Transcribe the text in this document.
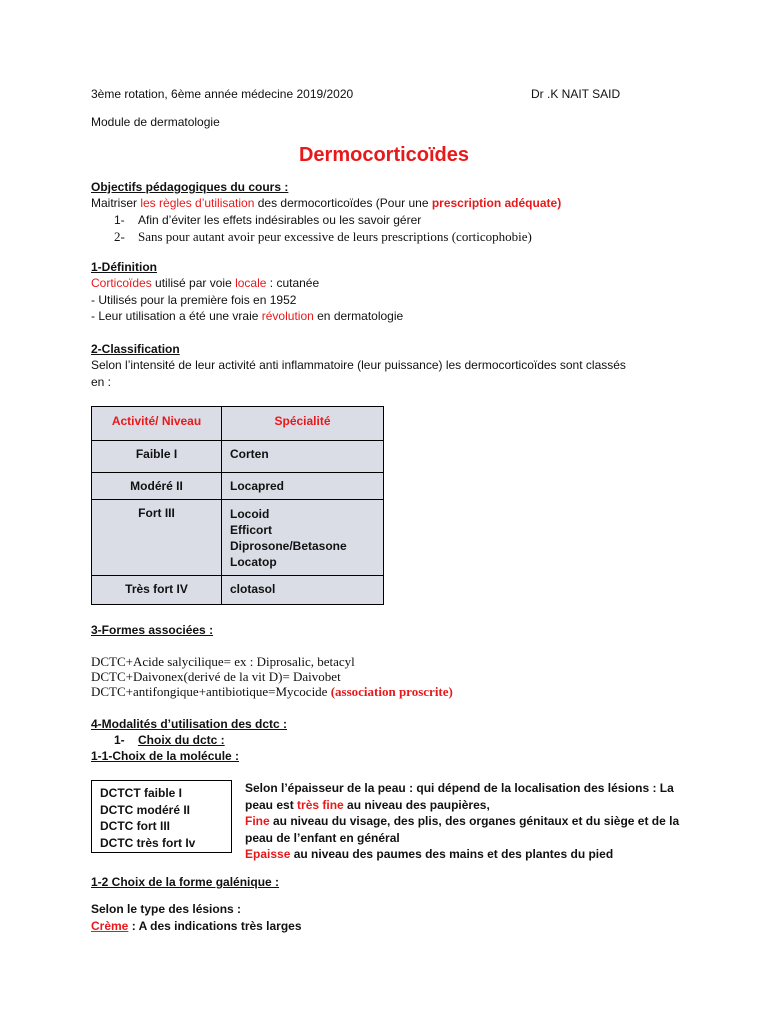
3ème rotation, 6ème année médecine 2019/2020	Dr .K NAIT SAID
Module de dermatologie
Dermocorticoïdes
Objectifs pédagogiques du cours :
Maitriser les règles d’utilisation des dermocorticoïdes (Pour une prescription adéquate)
1- Afin d’éviter les effets indésirables ou les savoir gérer
2- Sans pour autant avoir peur excessive de leurs prescriptions (corticophobie)
1-Définition
Corticoïdes utilisé par voie locale : cutanée
- Utilisés pour la première fois en 1952
- Leur utilisation a été une vraie révolution en dermatologie
2-Classification
Selon l’intensité de leur activité anti inflammatoire (leur puissance) les dermocorticoïdes sont classés
en :
Activité/ Niveau	Spécialité
Faible I	Corten

Modéré II	Locapred

Fort III	Locoid
Efficort
Diprosone/Betasone
Locatop

Très fort IV	clotasol
3-Formes associées :
DCTC+Acide salycilique= ex : Diprosalic, betacyl
DCTC+Daivonex(derivé de la vit D)= Daivobet
DCTC+antifongique+antibiotique=Mycocide (association proscrite)
4-Modalités d’utilisation des dctc :
1- Choix du dctc :
1-1-Choix de la molécule :
DCTCT faible I
DCTC modéré II
DCTC fort III
DCTC très fort Iv
Selon l’épaisseur de la peau : qui dépend de la localisation des lésions : La
peau est très fine au niveau des paupières,
Fine au niveau du visage, des plis, des organes génitaux et du siège et de la
peau de l’enfant en général
Epaisse au niveau des paumes des mains et des plantes du pied
1-2 Choix de la forme galénique :
Selon le type des lésions :
Crème : A des indications très larges
